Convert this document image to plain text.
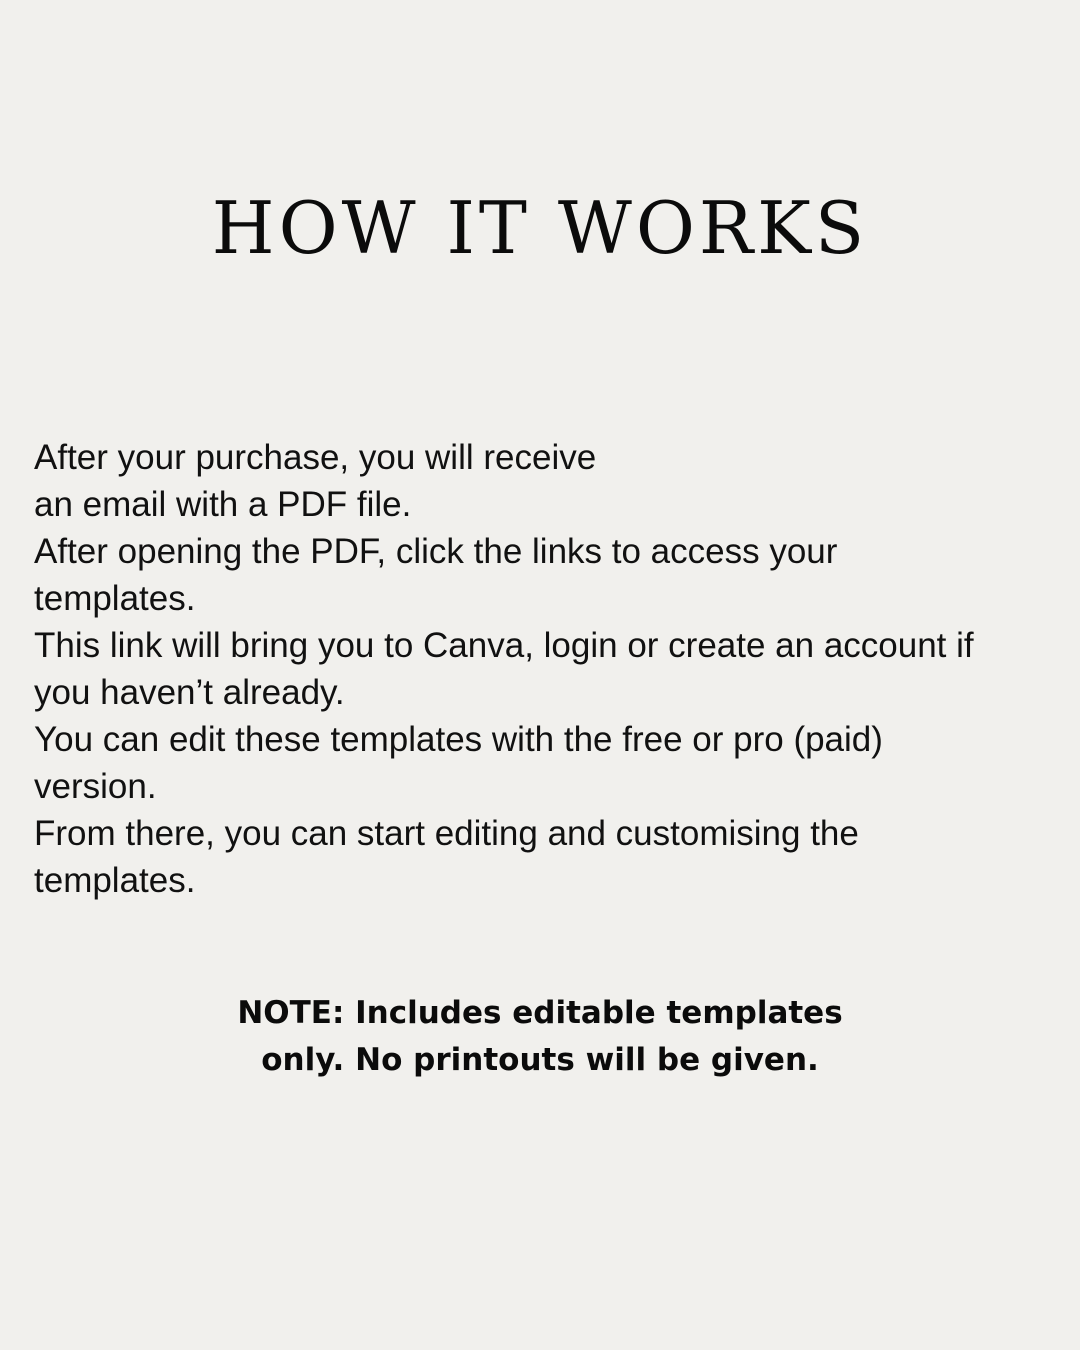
HOW IT WORKS
After your purchase, you will receive
an email with a PDF file.
After opening the PDF, click the links to access your
templates.
This link will bring you to Canva, login or create an account if
you haven’t already.
You can edit these templates with the free or pro (paid)
version.
From there, you can start editing and customising the
templates.
NOTE: Includes editable templates
only. No printouts will be given.
